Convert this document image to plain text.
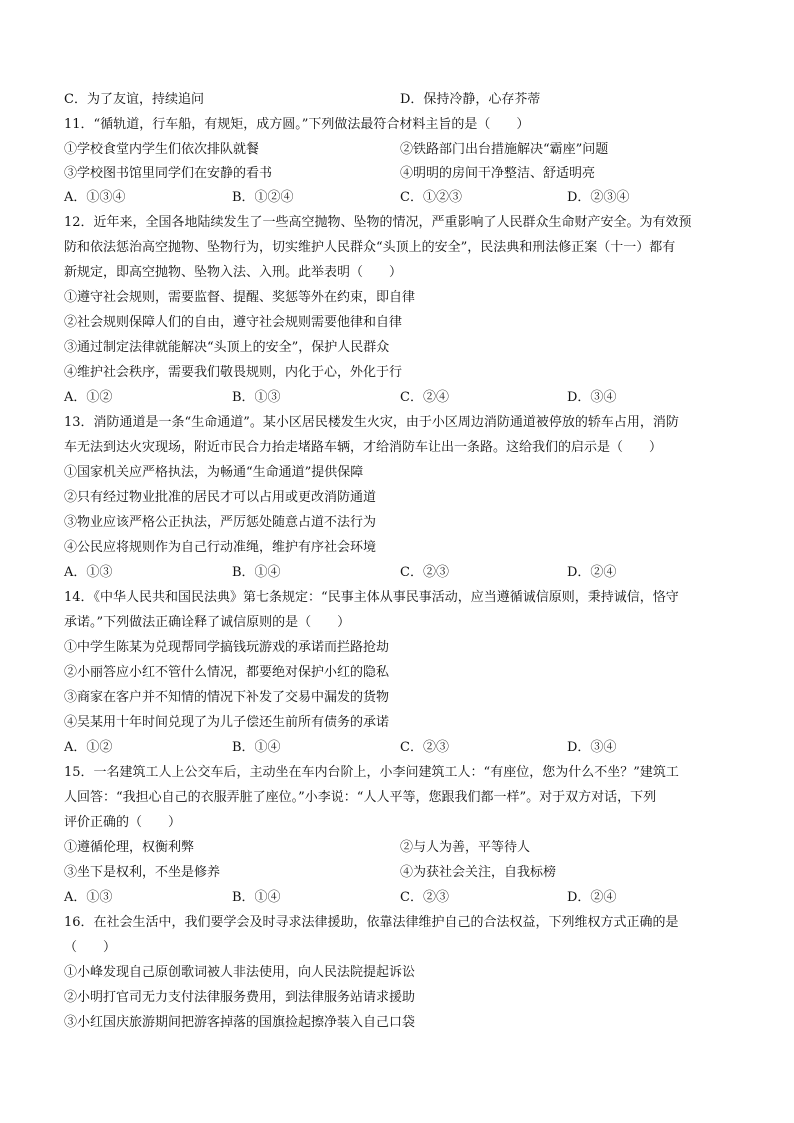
C．为了友谊，持续追问	D．保持冷静，心存芥蒂
11．“循轨道，行车船，有规矩，成方圆。”下列做法最符合材料主旨的是（　　）
①学校食堂内学生们依次排队就餐	②铁路部门出台措施解决“霸座”问题
③学校图书馆里同学们在安静的看书	④明明的房间干净整洁、舒适明亮
A．①③④	B．①②④	C．①②③	D．②③④
12．近年来，全国各地陆续发生了一些高空抛物、坠物的情况，严重影响了人民群众生命财产安全。为有效预
防和依法惩治高空抛物、坠物行为，切实维护人民群众“头顶上的安全”，民法典和刑法修正案（十一）都有
新规定，即高空抛物、坠物入法、入刑。此举表明（　　）
①遵守社会规则，需要监督、提醒、奖惩等外在约束，即自律
②社会规则保障人们的自由，遵守社会规则需要他律和自律
③通过制定法律就能解决“头顶上的安全”，保护人民群众
④维护社会秩序，需要我们敬畏规则，内化于心，外化于行
A．①②	B．①③	C．②④	D．③④
13．消防通道是一条“生命通道”。某小区居民楼发生火灾，由于小区周边消防通道被停放的轿车占用，消防
车无法到达火灾现场，附近市民合力抬走堵路车辆，才给消防车让出一条路。这给我们的启示是（　　）
①国家机关应严格执法，为畅通“生命通道”提供保障
②只有经过物业批准的居民才可以占用或更改消防通道
③物业应该严格公正执法，严厉惩处随意占道不法行为
④公民应将规则作为自己行动准绳，维护有序社会环境
A．①③	B．①④	C．②③	D．②④
14．《中华人民共和国民法典》第七条规定：“民事主体从事民事活动，应当遵循诚信原则，秉持诚信，恪守
承诺。”下列做法正确诠释了诚信原则的是（　　）
①中学生陈某为兑现帮同学搞钱玩游戏的承诺而拦路抢劫
②小丽答应小红不管什么情况，都要绝对保护小红的隐私
③商家在客户并不知情的情况下补发了交易中漏发的货物
④吴某用十年时间兑现了为儿子偿还生前所有债务的承诺
A．①②	B．①④	C．②③	D．③④
15．一名建筑工人上公交车后，主动坐在车内台阶上，小李问建筑工人：“有座位，您为什么不坐？”建筑工
人回答：“我担心自己的衣服弄脏了座位。”小李说：“人人平等，您跟我们都一样”。对于双方对话，下列
评价正确的（　　）
①遵循伦理，权衡利弊	②与人为善，平等待人
③坐下是权利，不坐是修养	④为获社会关注，自我标榜
A．①③	B．①④	C．②③	D．②④
16．在社会生活中，我们要学会及时寻求法律援助，依靠法律维护自己的合法权益，下列维权方式正确的是
（　　）
①小峰发现自己原创歌词被人非法使用，向人民法院提起诉讼
②小明打官司无力支付法律服务费用，到法律服务站请求援助
③小红国庆旅游期间把游客掉落的国旗捡起擦净装入自己口袋
